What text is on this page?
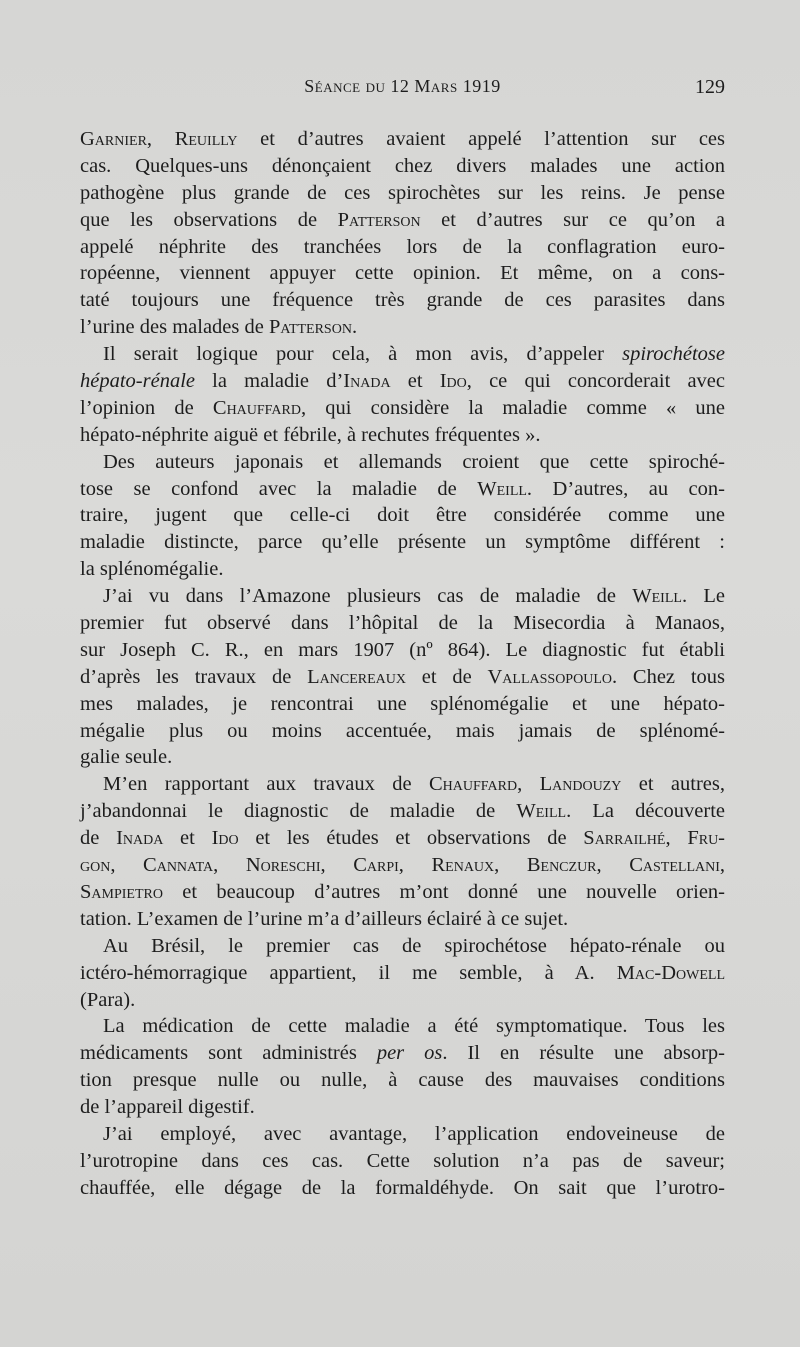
Séance du 12 Mars 1919	129
Garnier, Reuilly et d’autres avaient appelé l’attention sur ces
cas. Quelques-uns dénonçaient chez divers malades une action
pathogène plus grande de ces spirochètes sur les reins. Je pense
que les observations de Patterson et d’autres sur ce qu’on a
appelé néphrite des tranchées lors de la conflagration euro-
ropéenne, viennent appuyer cette opinion. Et même, on a cons-
taté toujours une fréquence très grande de ces parasites dans
l’urine des malades de Patterson.
Il serait logique pour cela, à mon avis, d’appeler spirochétose
hépato-rénale la maladie d’Inada et Ido, ce qui concorderait avec
l’opinion de Chauffard, qui considère la maladie comme « une
hépato-néphrite aiguë et fébrile, à rechutes fréquentes ».
Des auteurs japonais et allemands croient que cette spiroché-
tose se confond avec la maladie de Weill. D’autres, au con-
traire, jugent que celle-ci doit être considérée comme une
maladie distincte, parce qu’elle présente un symptôme différent :
la splénomégalie.
J’ai vu dans l’Amazone plusieurs cas de maladie de Weill. Le
premier fut observé dans l’hôpital de la Misecordia à Manaos,
sur Joseph C. R., en mars 1907 (nº 864). Le diagnostic fut établi
d’après les travaux de Lancereaux et de Vallassopoulo. Chez tous
mes malades, je rencontrai une splénomégalie et une hépato-
mégalie plus ou moins accentuée, mais jamais de splénomé-
galie seule.
M’en rapportant aux travaux de Chauffard, Landouzy et autres,
j’abandonnai le diagnostic de maladie de Weill. La découverte
de Inada et Ido et les études et observations de Sarrailhé, Fru-
gon, Cannata, Noreschi, Carpi, Renaux, Benczur, Castellani,
Sampietro et beaucoup d’autres m’ont donné une nouvelle orien-
tation. L’examen de l’urine m’a d’ailleurs éclairé à ce sujet.
Au Brésil, le premier cas de spirochétose hépato-rénale ou
ictéro-hémorragique appartient, il me semble, à A. Mac-Dowell
(Para).
La médication de cette maladie a été symptomatique. Tous les
médicaments sont administrés per os. Il en résulte une absorp-
tion presque nulle ou nulle, à cause des mauvaises conditions
de l’appareil digestif.
J’ai employé, avec avantage, l’application endoveineuse de
l’urotropine dans ces cas. Cette solution n’a pas de saveur;
chauffée, elle dégage de la formaldéhyde. On sait que l’urotro-
